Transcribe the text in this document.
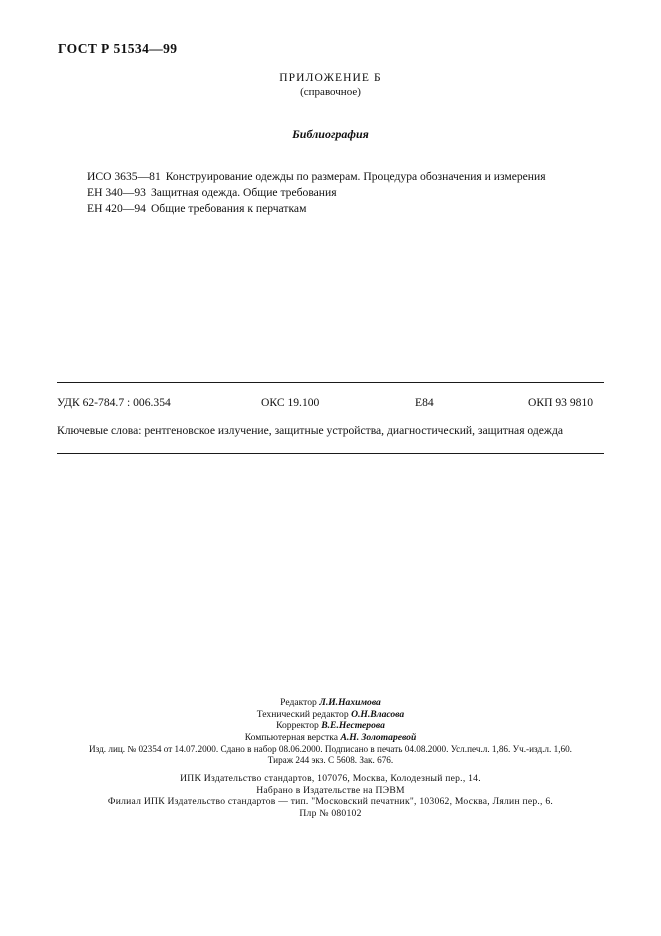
ГОСТ Р 51534—99
ПРИЛОЖЕНИЕ Б
(справочное)
Библиография
ИСО 3635—81 Конструирование одежды по размерам. Процедура обозначения и измерения
ЕН 340—93 Защитная одежда. Общие требования
ЕН 420—94 Общие требования к перчаткам
УДК 62-784.7 : 006.354	ОКС 19.100	Е84	ОКП 93 9810
Ключевые слова: рентгеновское излучение, защитные устройства, диагностический, защитная одежда
Редактор Л.И.Нахимова
Технический редактор О.Н.Власова
Корректор В.Е.Нестерова
Компьютерная верстка А.Н. Золотаревой
Изд. лиц. № 02354 от 14.07.2000. Сдано в набор 08.06.2000. Подписано в печать 04.08.2000. Усл.печ.л. 1,86. Уч.-изд.л. 1,60.
Тираж 244 экз. С 5608. Зак. 676.
ИПК Издательство стандартов, 107076, Москва, Колодезный пер., 14.
Набрано в Издательстве на ПЭВМ
Филиал ИПК Издательство стандартов — тип. "Московский печатник", 103062, Москва, Лялин пер., 6.
Плр № 080102
